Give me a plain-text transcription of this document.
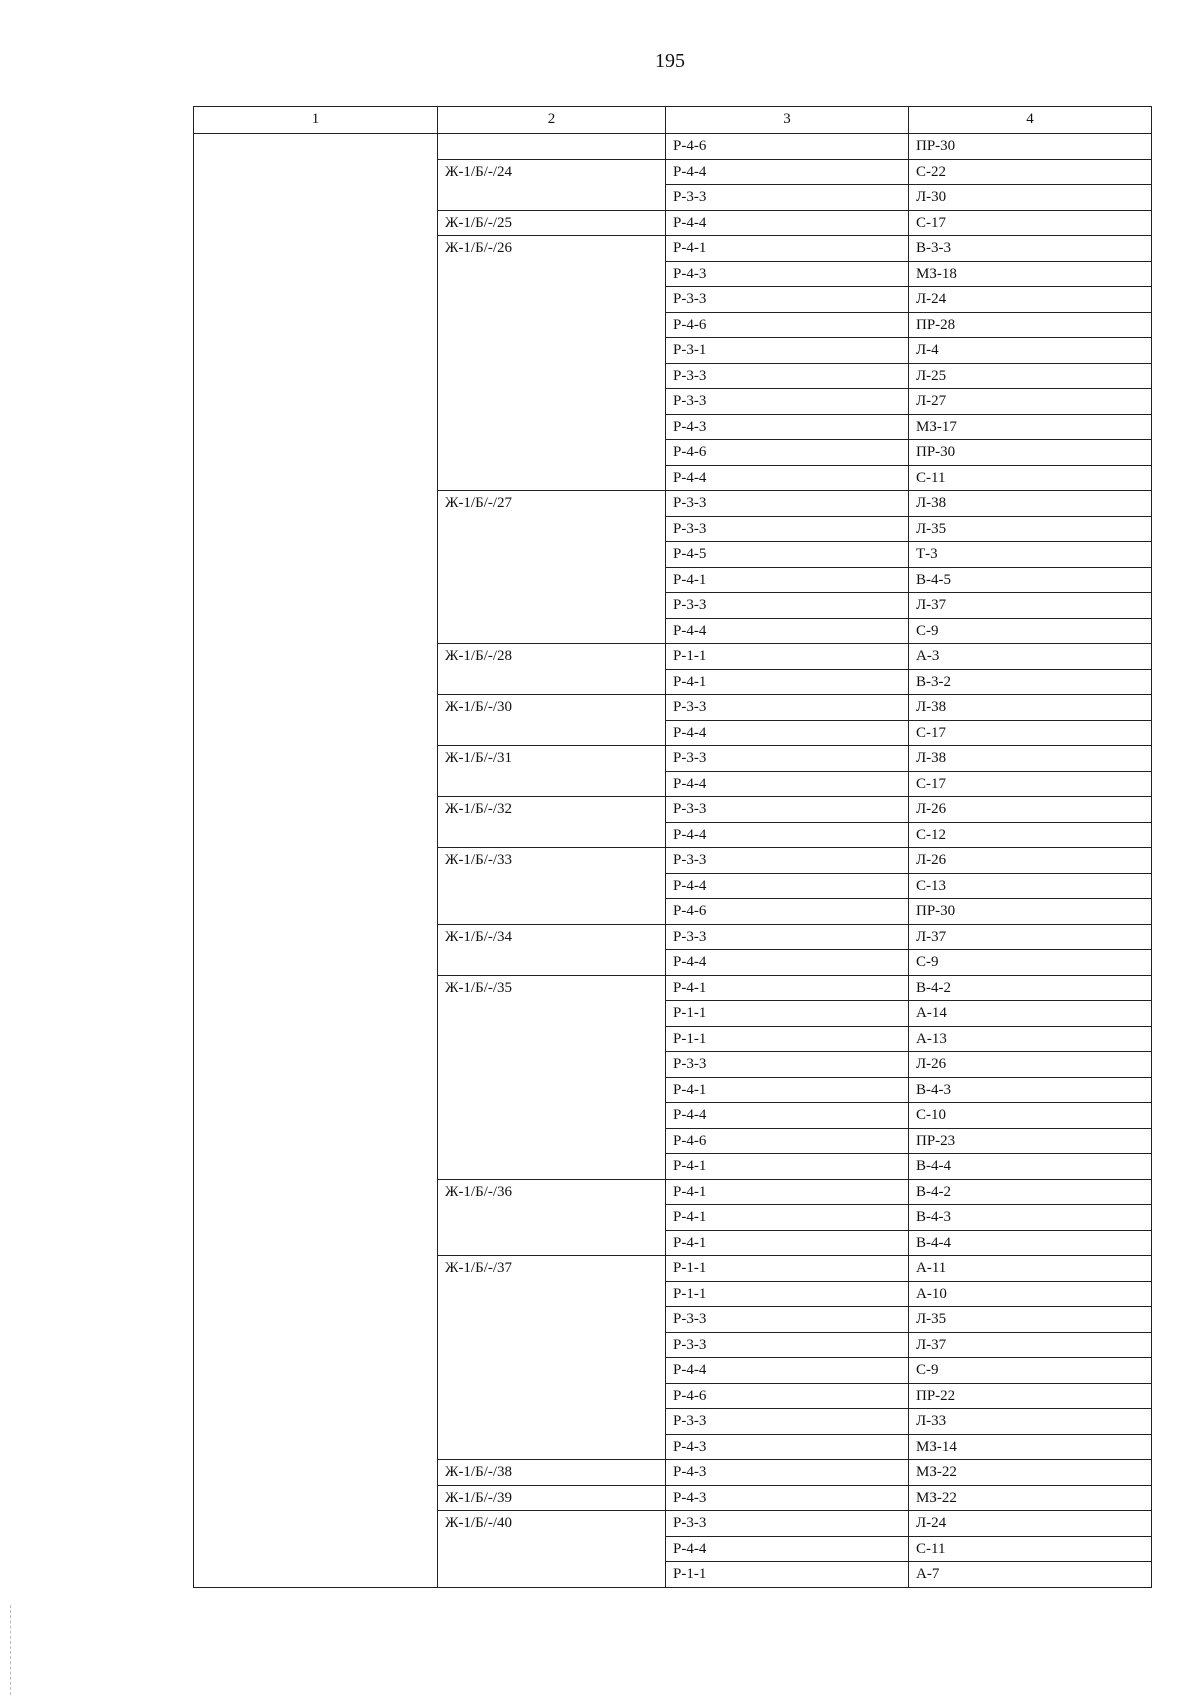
195
1	2	3	4
		Р-4-6	ПР-30
	Ж-1/Б/-/24	Р-4-4	С-22
		Р-3-3	Л-30
	Ж-1/Б/-/25	Р-4-4	С-17
	Ж-1/Б/-/26	Р-4-1	В-3-3
		Р-4-3	МЗ-18
		Р-3-3	Л-24
		Р-4-6	ПР-28
		Р-3-1	Л-4
		Р-3-3	Л-25
		Р-3-3	Л-27
		Р-4-3	МЗ-17
		Р-4-6	ПР-30
		Р-4-4	С-11
	Ж-1/Б/-/27	Р-3-3	Л-38
		Р-3-3	Л-35
		Р-4-5	Т-3
		Р-4-1	В-4-5
		Р-3-3	Л-37
		Р-4-4	С-9
	Ж-1/Б/-/28	Р-1-1	А-3
		Р-4-1	В-3-2
	Ж-1/Б/-/30	Р-3-3	Л-38
		Р-4-4	С-17
	Ж-1/Б/-/31	Р-3-3	Л-38
		Р-4-4	С-17
	Ж-1/Б/-/32	Р-3-3	Л-26
		Р-4-4	С-12
	Ж-1/Б/-/33	Р-3-3	Л-26
		Р-4-4	С-13
		Р-4-6	ПР-30
	Ж-1/Б/-/34	Р-3-3	Л-37
		Р-4-4	С-9
	Ж-1/Б/-/35	Р-4-1	В-4-2
		Р-1-1	А-14
		Р-1-1	А-13
		Р-3-3	Л-26
		Р-4-1	В-4-3
		Р-4-4	С-10
		Р-4-6	ПР-23
		Р-4-1	В-4-4
	Ж-1/Б/-/36	Р-4-1	В-4-2
		Р-4-1	В-4-3
		Р-4-1	В-4-4
	Ж-1/Б/-/37	Р-1-1	А-11
		Р-1-1	А-10
		Р-3-3	Л-35
		Р-3-3	Л-37
		Р-4-4	С-9
		Р-4-6	ПР-22
		Р-3-3	Л-33
		Р-4-3	МЗ-14
	Ж-1/Б/-/38	Р-4-3	МЗ-22
	Ж-1/Б/-/39	Р-4-3	МЗ-22
	Ж-1/Б/-/40	Р-3-3	Л-24
		Р-4-4	С-11
		Р-1-1	А-7
